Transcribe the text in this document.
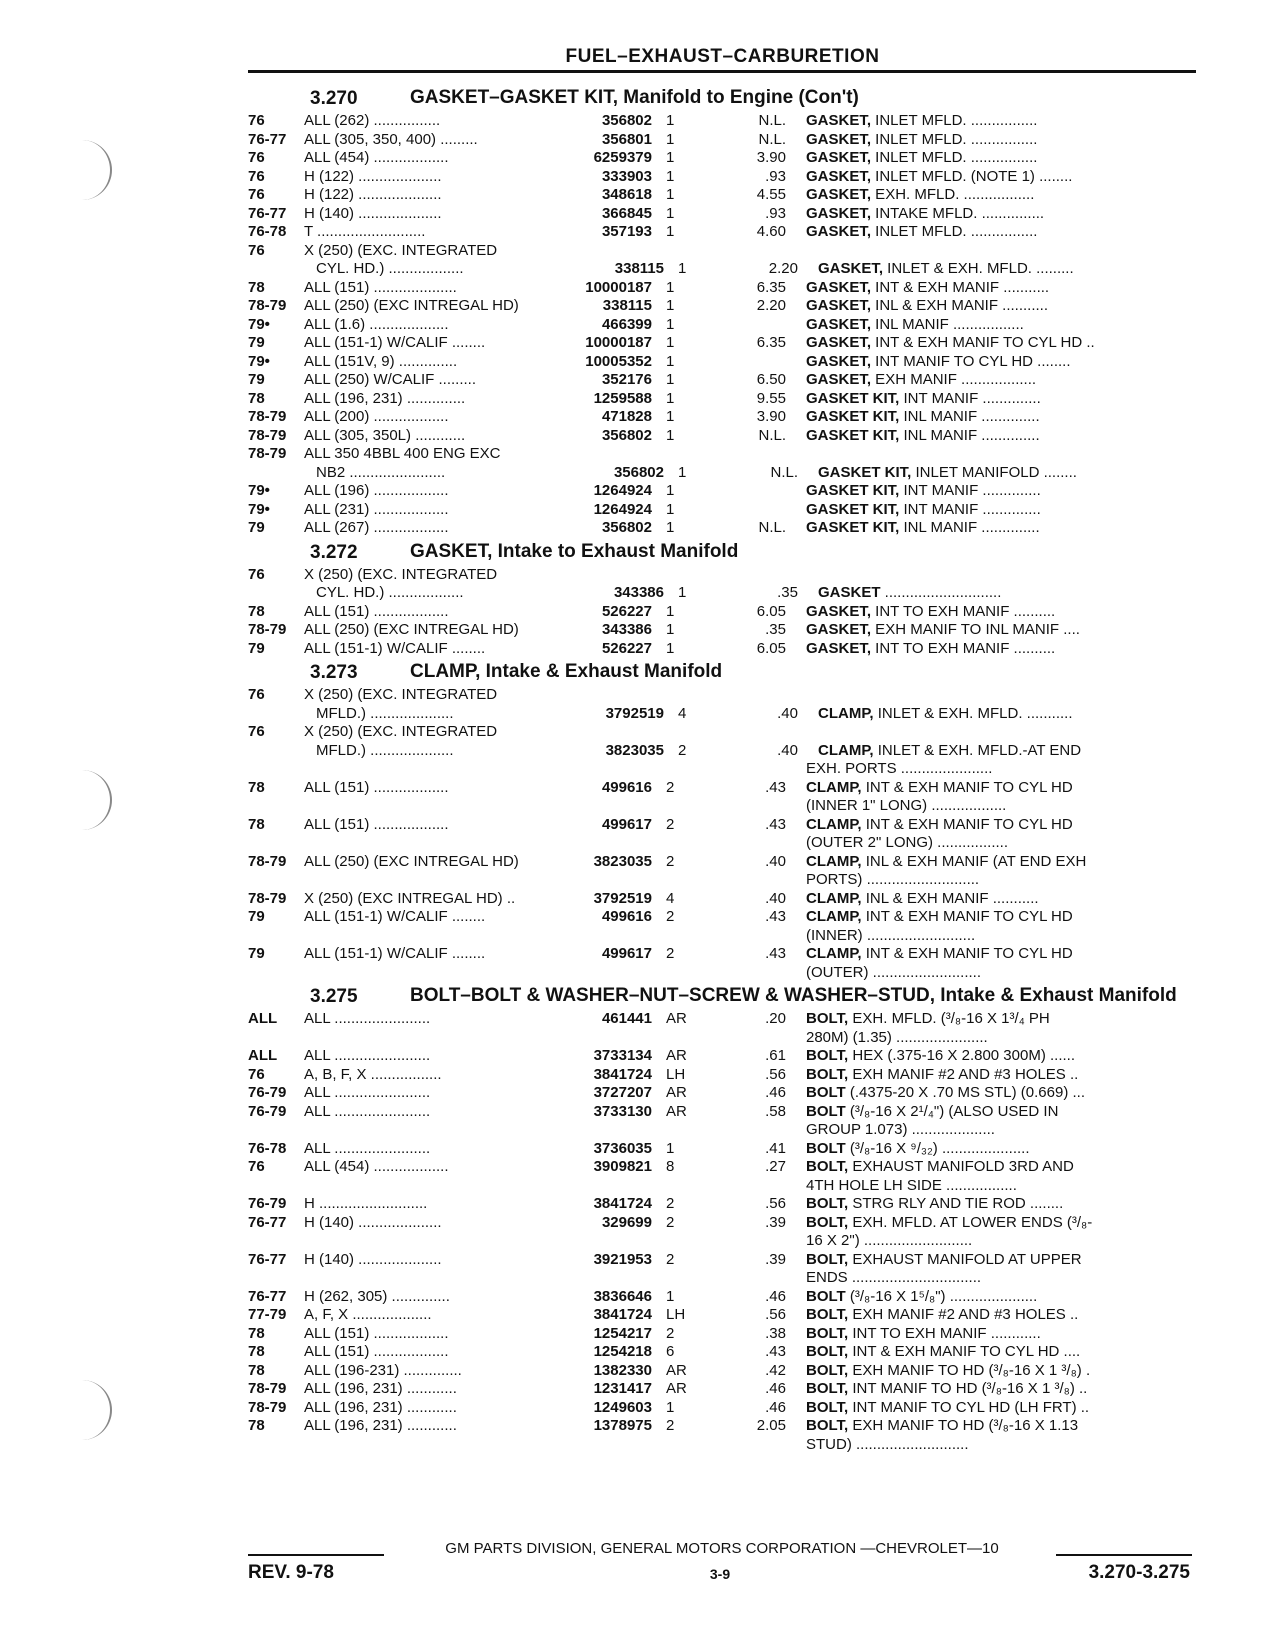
FUEL–EXHAUST–CARBURETION
3.270	GASKET–GASKET KIT, Manifold to Engine (Con't)
76	ALL (262) ................	356802 1	N.L.	GASKET, INLET MFLD. ................
76-77	ALL (305, 350, 400) .........	356801 1	N.L.	GASKET, INLET MFLD. ................
76	ALL (454) ..................	6259379 1	3.90	GASKET, INLET MFLD. ................
76	H (122) ....................	333903 1	.93	GASKET, INLET MFLD. (NOTE 1) ........
76	H (122) ....................	348618 1	4.55	GASKET, EXH. MFLD. .................
76-77	H (140) ....................	366845 1	.93	GASKET, INTAKE MFLD. ...............
76-78	T ..........................	357193 1	4.60	GASKET, INLET MFLD. ................
76	X (250) (EXC. INTEGRATED
CYL. HD.) ..................	338115 1	2.20	GASKET, INLET & EXH. MFLD. .........
78	ALL (151) ....................	10000187 1	6.35	GASKET, INT & EXH MANIF ...........
78-79	ALL (250) (EXC INTREGAL HD)	338115 1	2.20	GASKET, INL & EXH MANIF ...........
79•	ALL (1.6) ...................	466399 1	GASKET, INL MANIF .................
79	ALL (151-1) W/CALIF ........	10000187 1	6.35	GASKET, INT & EXH MANIF TO CYL HD ..
79•	ALL (151V, 9) ..............	10005352 1	GASKET, INT MANIF TO CYL HD ........
79	ALL (250) W/CALIF .........	352176 1	6.50	GASKET, EXH MANIF ..................
78	ALL (196, 231) ..............	1259588 1	9.55	GASKET KIT, INT MANIF ..............
78-79	ALL (200) ..................	471828 1	3.90	GASKET KIT, INL MANIF ..............
78-79	ALL (305, 350L) ............	356802 1	N.L.	GASKET KIT, INL MANIF ..............
78-79	ALL 350 4BBL 400 ENG EXC
NB2 .......................	356802 1	N.L.	GASKET KIT, INLET MANIFOLD ........
79•	ALL (196) ..................	1264924 1	GASKET KIT, INT MANIF ..............
79•	ALL (231) ..................	1264924 1	GASKET KIT, INT MANIF ..............
79	ALL (267) ..................	356802 1	N.L.	GASKET KIT, INL MANIF ..............
3.272	GASKET, Intake to Exhaust Manifold
76	X (250) (EXC. INTEGRATED
CYL. HD.) ..................	343386 1	.35	GASKET ............................
78	ALL (151) ..................	526227 1	6.05	GASKET, INT TO EXH MANIF ..........
78-79	ALL (250) (EXC INTREGAL HD)	343386 1	.35	GASKET, EXH MANIF TO INL MANIF ....
79	ALL (151-1) W/CALIF ........	526227 1	6.05	GASKET, INT TO EXH MANIF ..........
3.273	CLAMP, Intake & Exhaust Manifold
76	X (250) (EXC. INTEGRATED
MFLD.) ....................	3792519 4	.40	CLAMP, INLET & EXH. MFLD. ...........
76	X (250) (EXC. INTEGRATED
MFLD.) ....................	3823035 2	.40	CLAMP, INLET & EXH. MFLD.-AT END
EXH. PORTS ......................
78	ALL (151) ..................	499616 2	.43	CLAMP, INT & EXH MANIF TO CYL HD
(INNER 1" LONG) ..................
78	ALL (151) ..................	499617 2	.43	CLAMP, INT & EXH MANIF TO CYL HD
(OUTER 2" LONG) .................
78-79	ALL (250) (EXC INTREGAL HD)	3823035 2	.40	CLAMP, INL & EXH MANIF (AT END EXH
PORTS) ...........................
78-79	X (250) (EXC INTREGAL HD) ..	3792519 4	.40	CLAMP, INL & EXH MANIF ...........
79	ALL (151-1) W/CALIF ........	499616 2	.43	CLAMP, INT & EXH MANIF TO CYL HD
(INNER) ..........................
79	ALL (151-1) W/CALIF ........	499617 2	.43	CLAMP, INT & EXH MANIF TO CYL HD
(OUTER) ..........................
3.275	BOLT–BOLT & WASHER–NUT–SCREW & WASHER–STUD, Intake & Exhaust Manifold
ALL	ALL .......................	461441 AR	.20	BOLT, EXH. MFLD. (³/₈-16 X 1³/₄ PH
280M) (1.35) ......................
ALL	ALL .......................	3733134 AR	.61	BOLT, HEX (.375-16 X 2.800 300M) ......
76	A, B, F, X .................	3841724 LH	.56	BOLT, EXH MANIF #2 AND #3 HOLES ..
76-79	ALL .......................	3727207 AR	.46	BOLT (.4375-20 X .70 MS STL) (0.669) ...
76-79	ALL .......................	3733130 AR	.58	BOLT (³/₈-16 X 2¹/₄") (ALSO USED IN
GROUP 1.073) ....................
76-78	ALL .......................	3736035 1	.41	BOLT (³/₈-16 X ⁹/₃₂) .....................
76	ALL (454) ..................	3909821 8	.27	BOLT, EXHAUST MANIFOLD 3RD AND
4TH HOLE LH SIDE .................
76-79	H ..........................	3841724 2	.56	BOLT, STRG RLY AND TIE ROD ........
76-77	H (140) ....................	329699 2	.39	BOLT, EXH. MFLD. AT LOWER ENDS (³/₈-
16 X 2") ..........................
76-77	H (140) ....................	3921953 2	.39	BOLT, EXHAUST MANIFOLD AT UPPER
ENDS ...............................
76-77	H (262, 305) ..............	3836646 1	.46	BOLT (³/₈-16 X 1⁵/₈") .....................
77-79	A, F, X ...................	3841724 LH	.56	BOLT, EXH MANIF #2 AND #3 HOLES ..
78	ALL (151) ..................	1254217 2	.38	BOLT, INT TO EXH MANIF ............
78	ALL (151) ..................	1254218 6	.43	BOLT, INT & EXH MANIF TO CYL HD ....
78	ALL (196-231) ..............	1382330 AR	.42	BOLT, EXH MANIF TO HD (³/₈-16 X 1 ³/₈) .
78-79	ALL (196, 231) ............	1231417 AR	.46	BOLT, INT MANIF TO HD (³/₈-16 X 1 ³/₈) ..
78-79	ALL (196, 231) ............	1249603 1	.46	BOLT, INT MANIF TO CYL HD (LH FRT) ..
78	ALL (196, 231) ............	1378975 2	2.05	BOLT, EXH MANIF TO HD (³/₈-16 X 1.13
STUD) ...........................
GM PARTS DIVISION, GENERAL MOTORS CORPORATION —CHEVROLET—10
REV. 9-78	3-9	3.270-3.275
